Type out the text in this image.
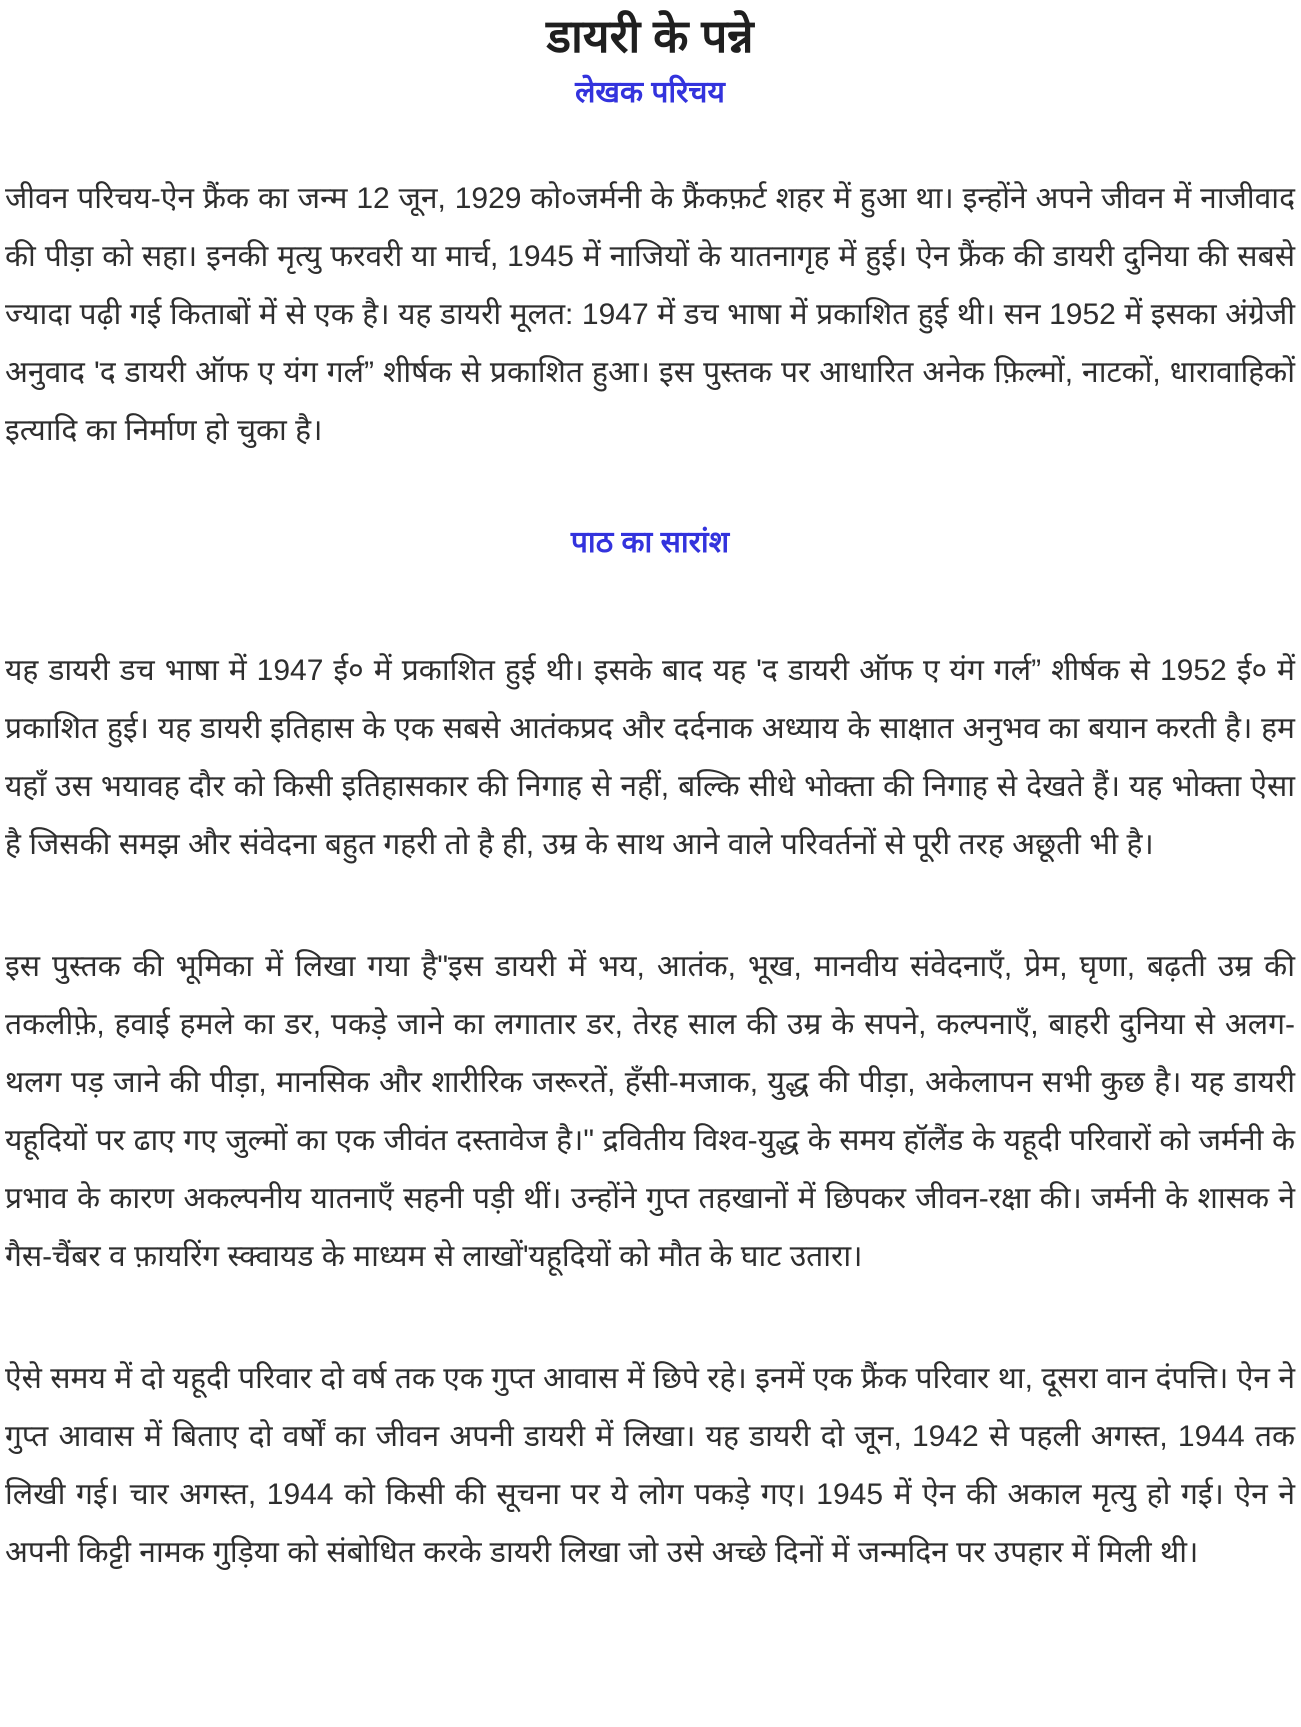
डायरी के पन्ने
लेखक परिचय

जीवन परिचय-ऐन फ्रैंक का जन्म 12 जून, 1929 को०जर्मनी के फ्रैंकफ़र्ट शहर में हुआ था। इन्होंने अपने जीवन में नाजीवाद की पीड़ा को सहा। इनकी मृत्यु फरवरी या मार्च, 1945 में नाजियों के यातनागृह में हुई। ऐन फ्रैंक की डायरी दुनिया की सबसे ज्यादा पढ़ी गई किताबों में से एक है। यह डायरी मूलत: 1947 में डच भाषा में प्रकाशित हुई थी। सन 1952 में इसका अंग्रेजी अनुवाद 'द डायरी ऑफ ए यंग गर्ल” शीर्षक से प्रकाशित हुआ। इस पुस्तक पर आधारित अनेक फ़िल्मों, नाटकों, धारावाहिकों इत्यादि का निर्माण हो चुका है।

पाठ का सारांश

यह डायरी डच भाषा में 1947 ई० में प्रकाशित हुई थी। इसके बाद यह 'द डायरी ऑफ ए यंग गर्ल” शीर्षक से 1952 ई० में प्रकाशित हुई। यह डायरी इतिहास के एक सबसे आतंकप्रद और दर्दनाक अध्याय के साक्षात अनुभव का बयान करती है। हम यहाँ उस भयावह दौर को किसी इतिहासकार की निगाह से नहीं, बल्कि सीधे भोक्ता की निगाह से देखते हैं। यह भोक्ता ऐसा है जिसकी समझ और संवेदना बहुत गहरी तो है ही, उम्र के साथ आने वाले परिवर्तनों से पूरी तरह अछूती भी है।

इस पुस्तक की भूमिका में लिखा गया है"इस डायरी में भय, आतंक, भूख, मानवीय संवेदनाएँ, प्रेम, घृणा, बढ़ती उम्र की तकलीफ़े, हवाई हमले का डर, पकड़े जाने का लगातार डर, तेरह साल की उम्र के सपने, कल्पनाएँ, बाहरी दुनिया से अलग-थलग पड़ जाने की पीड़ा, मानसिक और शारीरिक जरूरतें, हँसी-मजाक, युद्ध की पीड़ा, अकेलापन सभी कुछ है। यह डायरी यहूदियों पर ढाए गए जुल्मों का एक जीवंत दस्तावेज है।" द्रवितीय विश्व-युद्ध के समय हॉलैंड के यहूदी परिवारों को जर्मनी के प्रभाव के कारण अकल्पनीय यातनाएँ सहनी पड़ी थीं। उन्होंने गुप्त तहखानों में छिपकर जीवन-रक्षा की। जर्मनी के शासक ने गैस-चैंबर व फ़ायरिंग स्क्वायड के माध्यम से लाखों'यहूदियों को मौत के घाट उतारा।

ऐसे समय में दो यहूदी परिवार दो वर्ष तक एक गुप्त आवास में छिपे रहे। इनमें एक फ्रैंक परिवार था, दूसरा वान दंपत्ति। ऐन ने गुप्त आवास में बिताए दो वर्षों का जीवन अपनी डायरी में लिखा। यह डायरी दो जून, 1942 से पहली अगस्त, 1944 तक लिखी गई। चार अगस्त, 1944 को किसी की सूचना पर ये लोग पकड़े गए। 1945 में ऐन की अकाल मृत्यु हो गई। ऐन ने अपनी किट्टी नामक गुड़िया को संबोधित करके डायरी लिखा जो उसे अच्छे दिनों में जन्मदिन पर उपहार में मिली थी।
